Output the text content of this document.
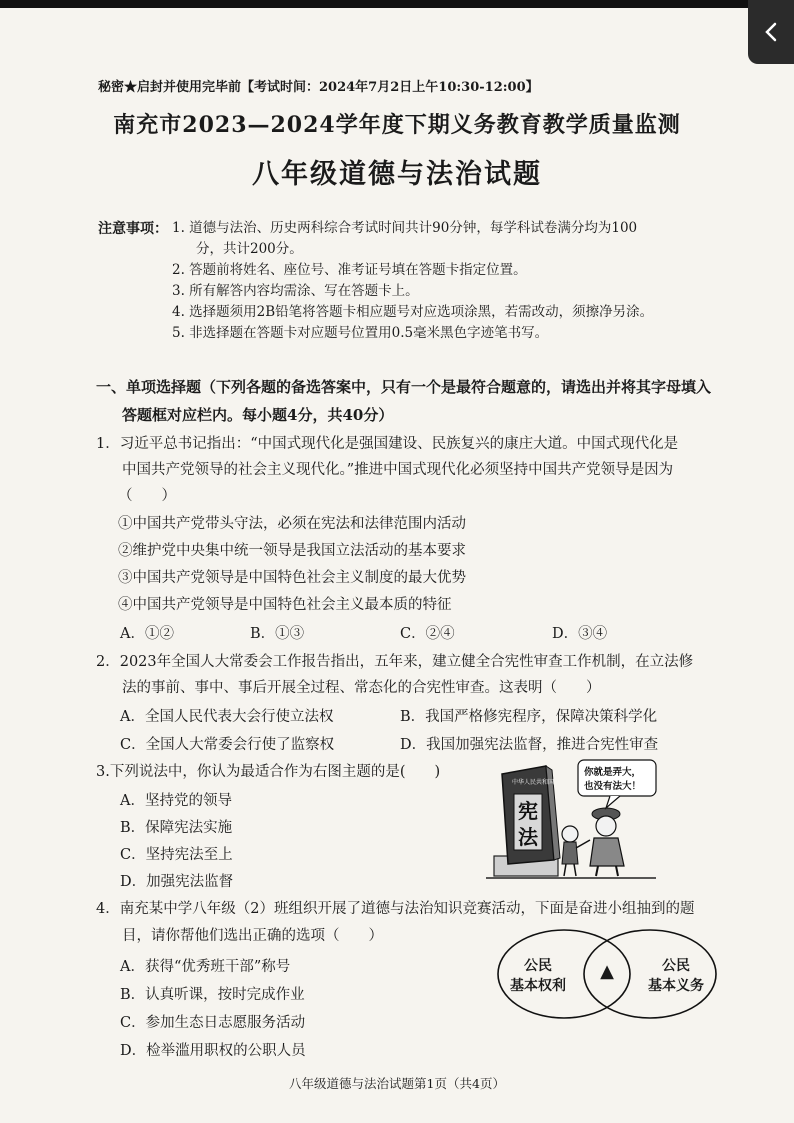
秘密★启封并使用完毕前【考试时间：2024年7月2日上午10:30-12:00】
南充市2023—2024学年度下期义务教育教学质量监测
八年级道德与法治试题
注意事项： 1. 道德与法治、历史两科综合考试时间共计90分钟，每学科试卷满分均为100
分，共计200分。
2. 答题前将姓名、座位号、准考证号填在答题卡指定位置。
3. 所有解答内容均需涂、写在答题卡上。
4. 选择题须用2B铅笔将答题卡相应题号对应选项涂黑，若需改动，须擦净另涂。
5. 非选择题在答题卡对应题号位置用0.5毫米黑色字迹笔书写。
一、单项选择题（下列各题的备选答案中，只有一个是最符合题意的，请选出并将其字母填入
答题框对应栏内。每小题4分，共40分）
1．习近平总书记指出：“中国式现代化是强国建设、民族复兴的康庄大道。中国式现代化是
中国共产党领导的社会主义现代化。”推进中国式现代化必须坚持中国共产党领导是因为
（　　）
①中国共产党带头守法，必须在宪法和法律范围内活动
②维护党中央集中统一领导是我国立法活动的基本要求
③中国共产党领导是中国特色社会主义制度的最大优势
④中国共产党领导是中国特色社会主义最本质的特征
A．①②	B．①③	C．②④	D．③④
2．2023年全国人大常委会工作报告指出，五年来，建立健全合宪性审查工作机制，在立法修
法的事前、事中、事后开展全过程、常态化的合宪性审查。这表明（　　）
A．全国人民代表大会行使立法权	B．我国严格修宪程序，保障决策科学化
C．全国人大常委会行使了监察权	D．我国加强宪法监督，推进合宪性审查
3.下列说法中，你认为最适合作为右图主题的是(　　)
A．坚持党的领导
B．保障宪法实施
C．坚持宪法至上
D．加强宪法监督
中华人民共和国
宪
法
你就是弄大，
也没有法大！
4．南充某中学八年级（2）班组织开展了道德与法治知识竞赛活动，下面是奋进小组抽到的题
目，请你帮他们选出正确的选项（　　）
A．获得“优秀班干部”称号
B．认真听课，按时完成作业
C．参加生态日志愿服务活动
D．检举滥用职权的公职人员
公民
基本权利
▲	公民
基本义务
八年级道德与法治试题第1页（共4页）
